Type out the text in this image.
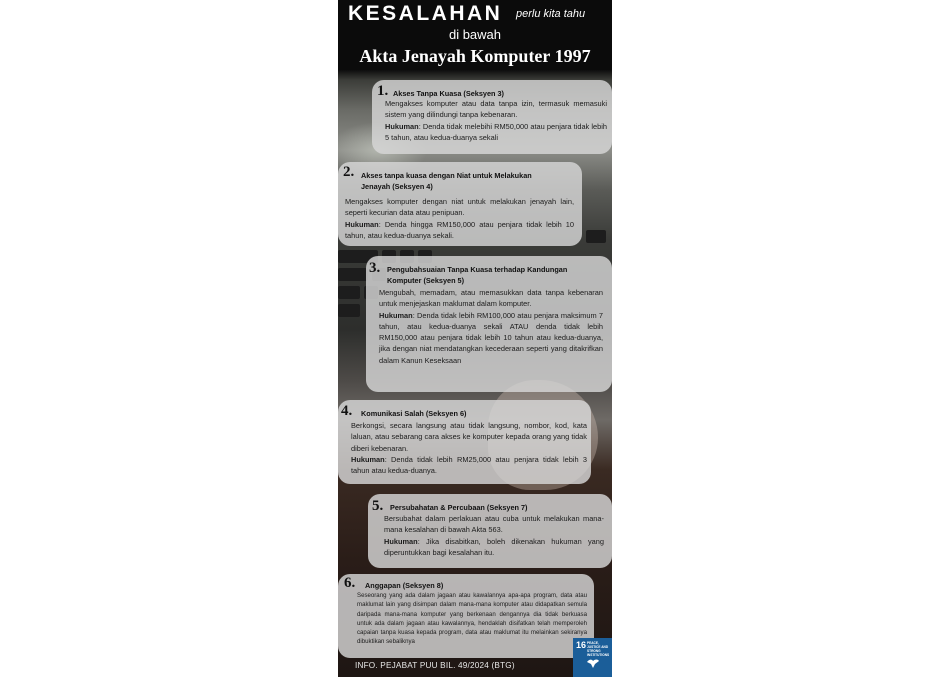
KESALAHAN perlu kita tahu
di bawah
Akta Jenayah Komputer 1997
1. Akses Tanpa Kuasa (Seksyen 3)

Mengakses komputer atau data tanpa izin, termasuk memasuki sistem yang dilindungi tanpa kebenaran.

Hukuman: Denda tidak melebihi RM50,000 atau penjara tidak lebih 5 tahun, atau kedua-duanya sekali

2. Akses tanpa kuasa dengan Niat untuk Melakukan Jenayah (Seksyen 4)

Mengakses komputer dengan niat untuk melakukan jenayah lain, seperti kecurian data atau penipuan.

Hukuman: Denda hingga RM150,000 atau penjara tidak lebih 10 tahun, atau kedua-duanya sekali.

3. Pengubahsuaian Tanpa Kuasa terhadap Kandungan Komputer (Seksyen 5)

Mengubah, memadam, atau memasukkan data tanpa kebenaran untuk menjejaskan maklumat dalam komputer.

Hukuman: Denda tidak lebih RM100,000 atau penjara maksimum 7 tahun, atau kedua-duanya sekali ATAU denda tidak lebih RM150,000 atau penjara tidak lebih 10 tahun atau kedua-duanya, jika dengan niat mendatangkan kecederaan seperti yang ditakrifkan dalam Kanun Keseksaan

4. Komunikasi Salah (Seksyen 6)

Berkongsi, secara langsung atau tidak langsung, nombor, kod, kata laluan, atau sebarang cara akses ke komputer kepada orang yang tidak diberi kebenaran.

Hukuman: Denda tidak lebih RM25,000 atau penjara tidak lebih 3 tahun atau kedua-duanya.

5. Persubahatan & Percubaan (Seksyen 7)

Bersubahat dalam perlakuan atau cuba untuk melakukan mana-mana kesalahan di bawah Akta 563.

Hukuman: Jika disabitkan, boleh dikenakan hukuman yang diperuntukkan bagi kesalahan itu.

6. Anggapan (Seksyen 8)

Seseorang yang ada dalam jagaan atau kawalannya apa-apa program, data atau maklumat lain yang disimpan dalam mana-mana komputer atau didapatkan semula daripada mana-mana komputer yang berkenaan dengannya dia tidak berkuasa untuk ada dalam jagaan atau kawalannya, hendaklah disifatkan telah memperoleh capaian tanpa kuasa kepada program, data atau maklumat itu melainkan sekiranya dibuktikan sebaliknya

INFO. PEJABAT PUU BIL. 49/2024 (BTG)
16 PEACE, JUSTICE AND STRONG INSTITUTIONS
